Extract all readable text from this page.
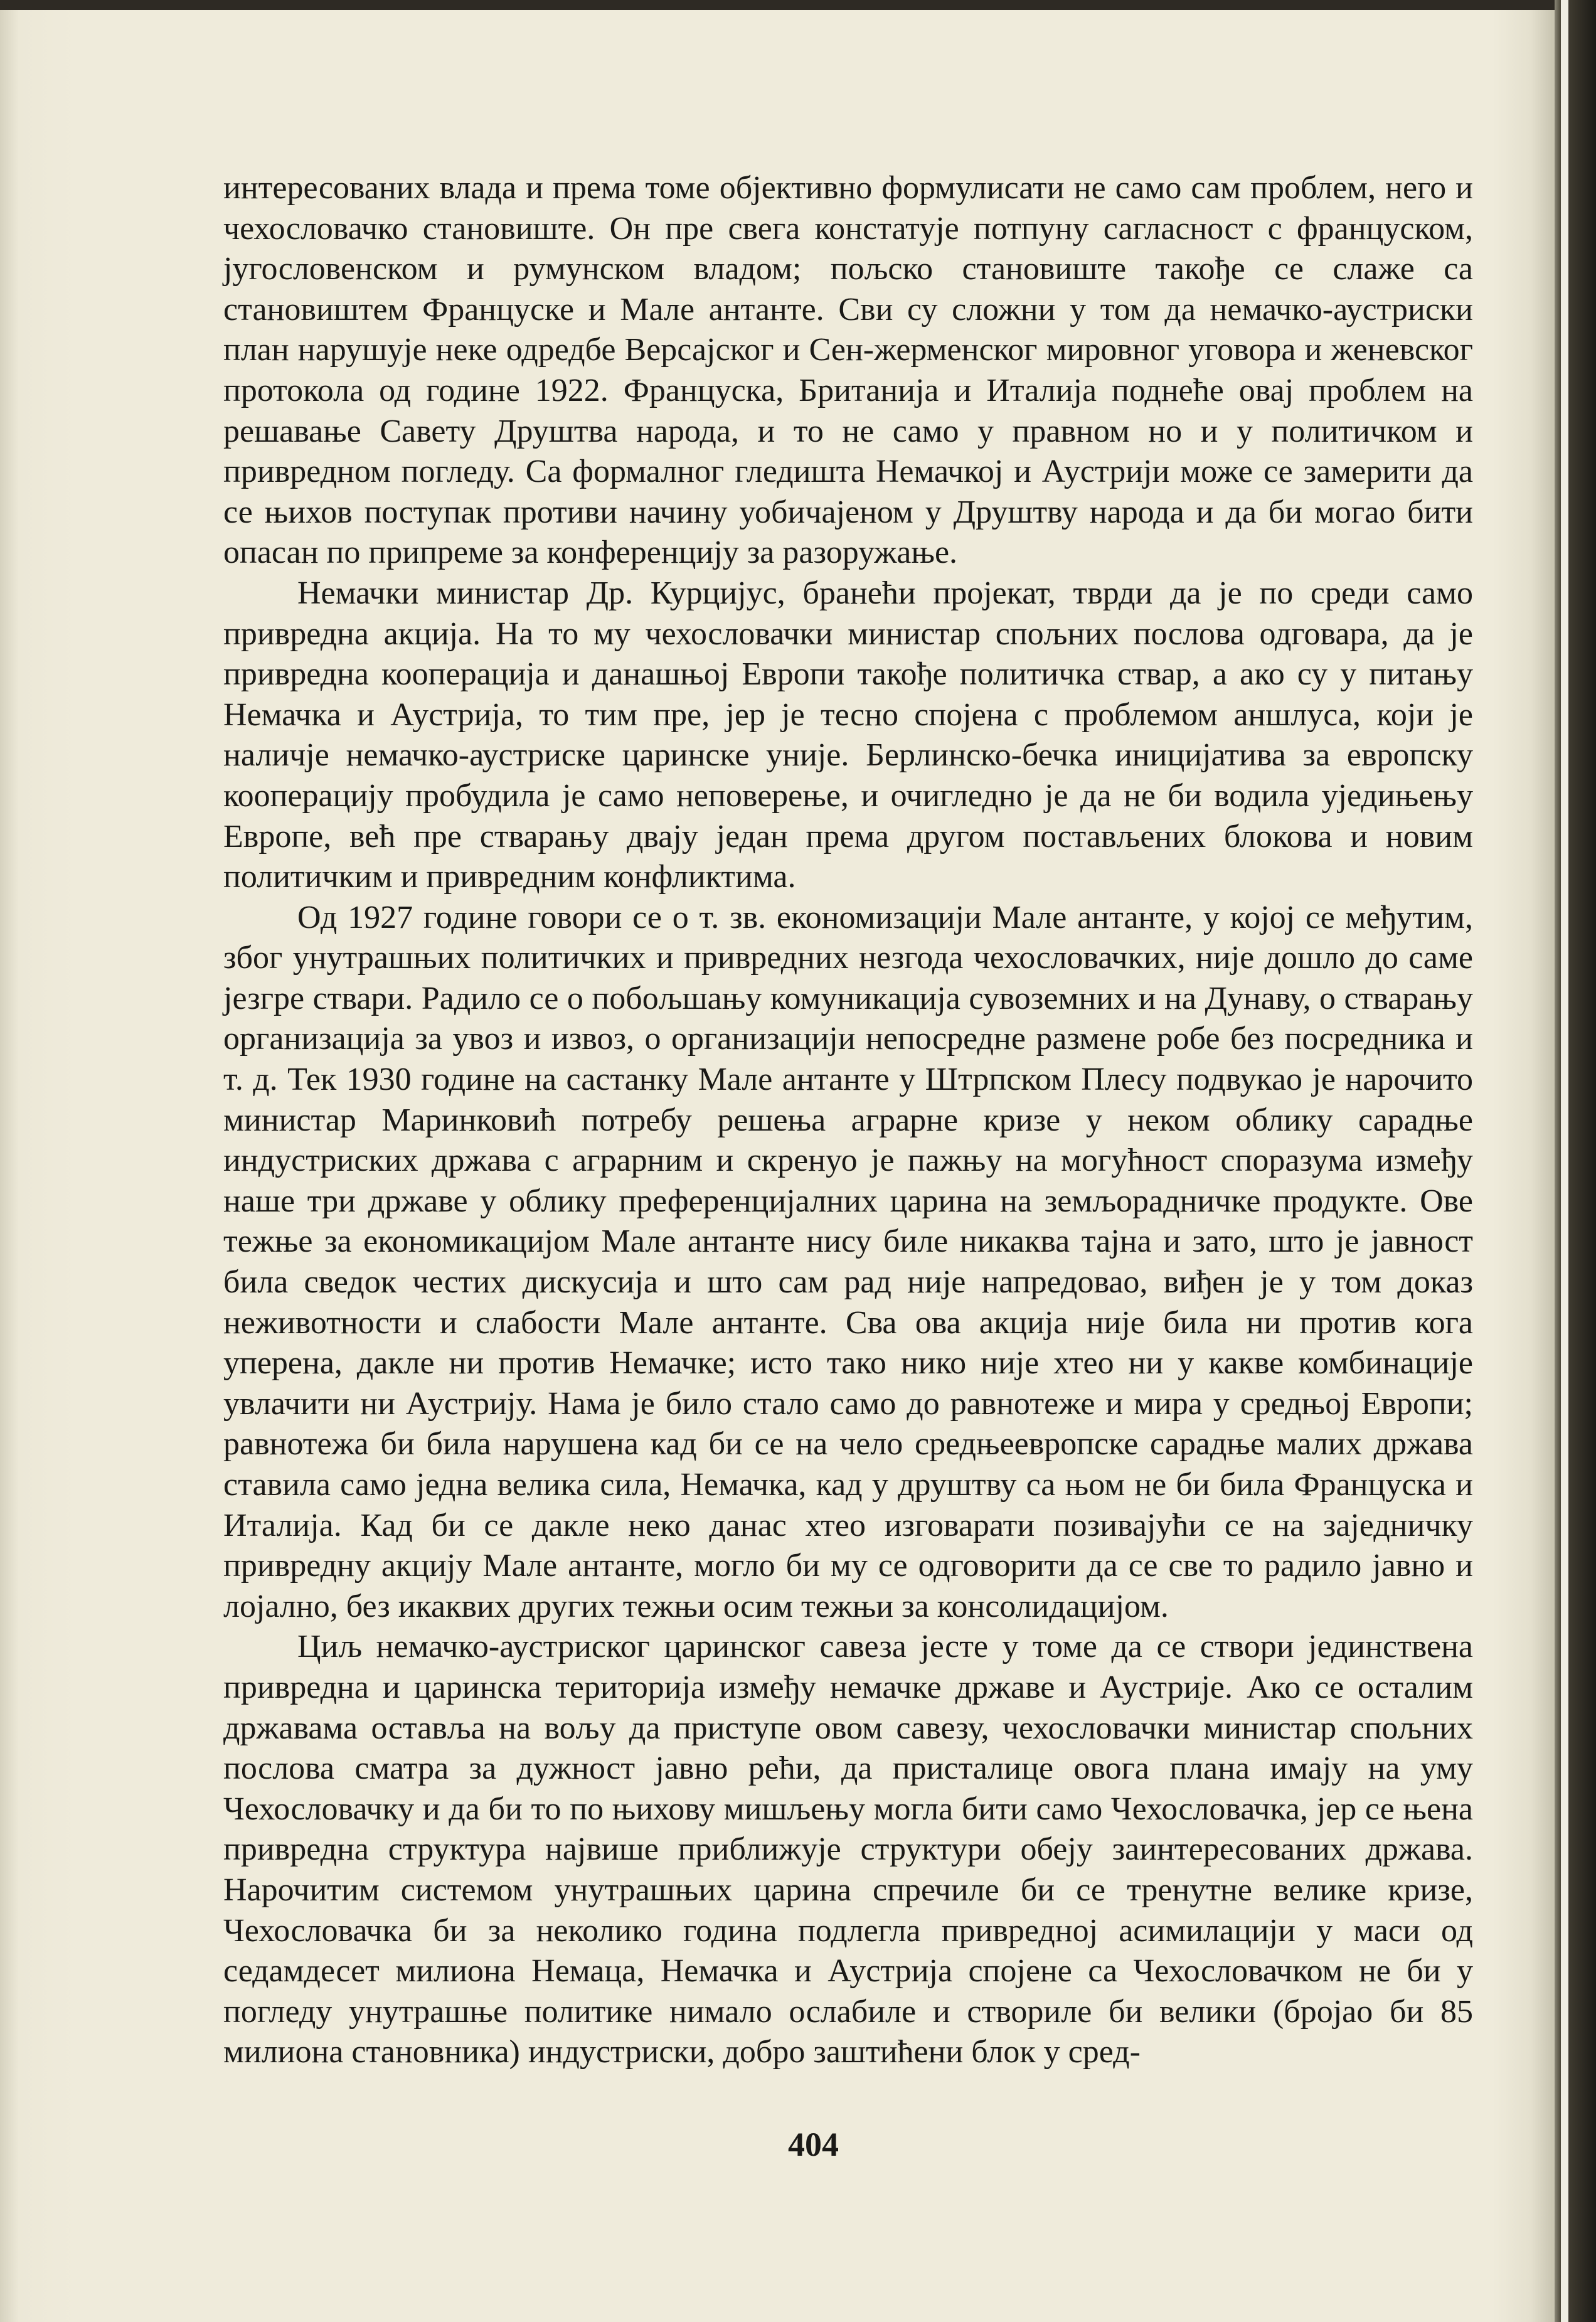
интересованих влада и према томе објективно формулисати не само сам проблем, него и чехословачко становиште. Он пре свега констатује потпуну сагласност с француском, југословенском и румунском владом; пољско становиште такође се слаже са становиштем Француске и Мале антанте. Сви су сложни у том да немачко-аустриски план нарушује неке одредбе Версајског и Сен-жерменског мировног уговора и женевског протокола од године 1922. Француска, Британија и Италија поднеће овај проблем на решавање Савету Друштва народа, и то не само у правном но и у политичком и привредном погледу. Са формалног гледишта Немачкој и Аустрији може се замерити да се њихов поступак противи начину уобичајеном у Друштву народа и да би могао бити опасан по припреме за конференцију за разоружање.

Немачки министар Др. Курцијус, бранећи пројекат, тврди да је по среди само привредна акција. На то му чехословачки министар спољних послова одговара, да је привредна кооперација и данашњој Европи такође политичка ствар, а ако су у питању Немачка и Аустрија, то тим пре, јер је тесно спојена с проблемом аншлуса, који је наличје немачко-аустриске царинске уније. Берлинско-бечка иницијатива за европску кооперацију пробудила је само неповерење, и очигледно је да не би водила уједињењу Европе, већ пре стварању двају један према другом постављених блокова и новим политичким и привредним конфликтима.

Од 1927 године говори се о т. зв. економизацији Мале антанте, у којој се међутим, због унутрашњих политичких и привредних незгода чехословачких, није дошло до саме језгре ствари. Радило се о побољшању комуникација сувоземних и на Дунаву, о стварању организација за увоз и извоз, о организацији непосредне размене робе без посредника и т. д. Тек 1930 године на састанку Мале антанте у Штрпском Плесу подвукао је нарочито министар Маринковић потребу решења аграрне кризе у неком облику сарадње индустриских држава с аграрним и скренуо је пажњу на могућност споразума између наше три државе у облику преференцијалних царина на земљорадничке продукте. Ове тежње за економикацијом Мале антанте нису биле никаква тајна и зато, што је јавност била сведок честих дискусија и што сам рад није напредовао, виђен је у том доказ неживотности и слабости Мале антанте. Сва ова акција није била ни против кога уперена, дакле ни против Немачке; исто тако нико није хтео ни у какве комбинације увлачити ни Аустрију. Нама је било стало само до равнотеже и мира у средњој Европи; равнотежа би била нарушена кад би се на чело средњеевропске сарадње малих држава ставила само једна велика сила, Немачка, кад у друштву са њом не би била Француска и Италија. Кад би се дакле неко данас хтео изговарати позивајући се на заједничку привредну акцију Мале антанте, могло би му се одговорити да се све то радило јавно и лојално, без икаквих других тежњи осим тежњи за консолидацијом.

Циљ немачко-аустриског царинског савеза јесте у томе да се створи јединствена привредна и царинска територија између немачке државе и Аустрије. Ако се осталим државама оставља на вољу да приступе овом савезу, чехословачки министар спољних послова сматра за дужност јавно рећи, да присталице овога плана имају на уму Чехословачку и да би то по њихову мишљењу могла бити само Чехословачка, јер се њена привредна структура највише приближује структури обеју заинтересованих држава. Нарочитим системом унутрашњих царина спречиле би се тренутне велике кризе, Чехословачка би за неколико година подлегла привредној асимилацији у маси од седамдесет милиона Немаца, Немачка и Аустрија спојене са Чехословачком не би у погледу унутрашње политике нимало ослабиле и створиле би велики (бројао би 85 милиона становника) индустриски, добро заштићени блок у сред-

404
